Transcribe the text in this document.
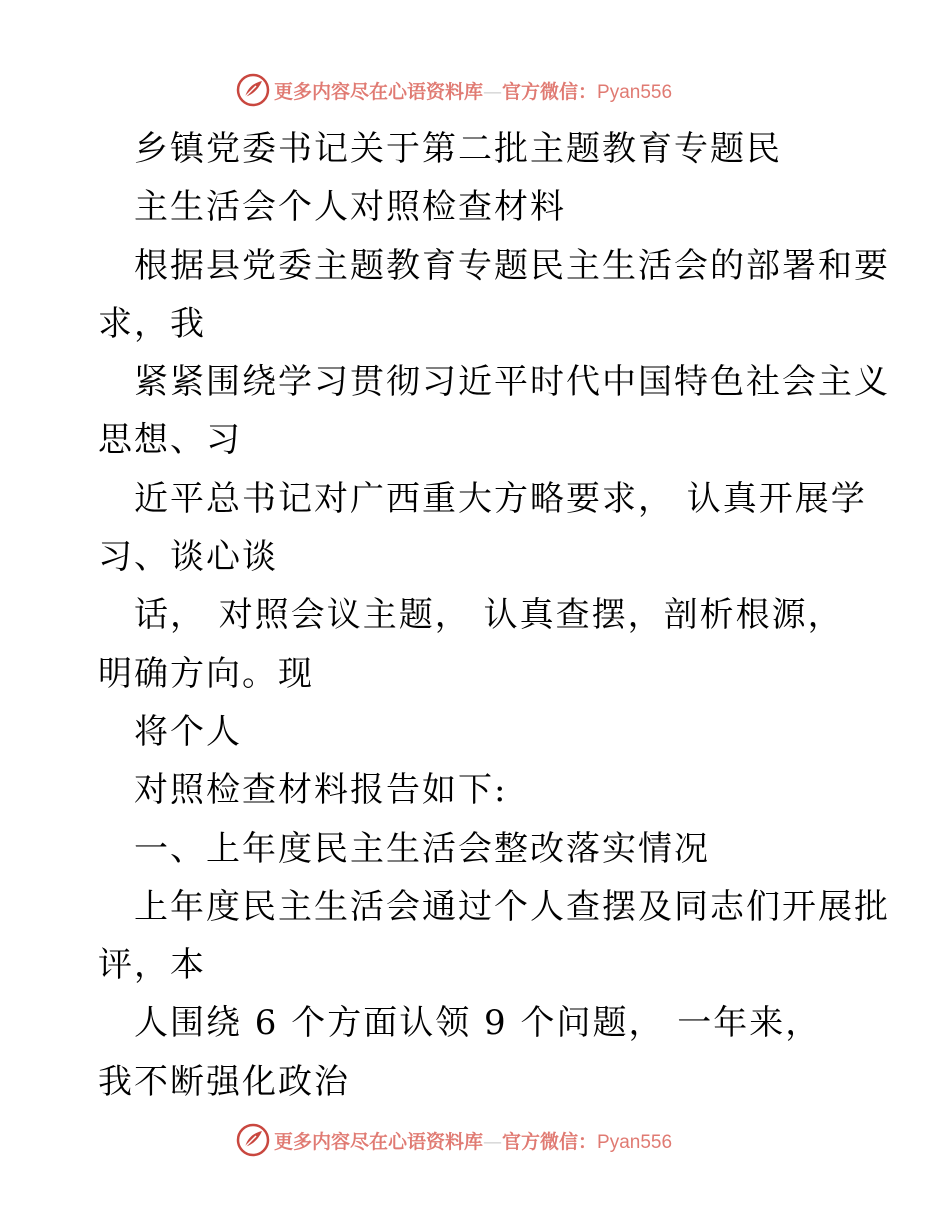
更多内容尽在心语资料库—官方微信：Pyan556
乡镇党委书记关于第二批主题教育专题民
主生活会个人对照检查材料
根据县党委主题教育专题民主生活会的部署和要
求，我
紧紧围绕学习贯彻习近平时代中国特色社会主义
思想、习
近平总书记对广西重大方略要求， 认真开展学
习、谈心谈
话， 对照会议主题， 认真查摆，剖析根源，
明确方向。现
将个人
对照检查材料报告如下:
一、上年度民主生活会整改落实情况
上年度民主生活会通过个人查摆及同志们开展批
评，本
人围绕 6 个方面认领 9 个问题， 一年来，
我不断强化政治
更多内容尽在心语资料库—官方微信：Pyan556
